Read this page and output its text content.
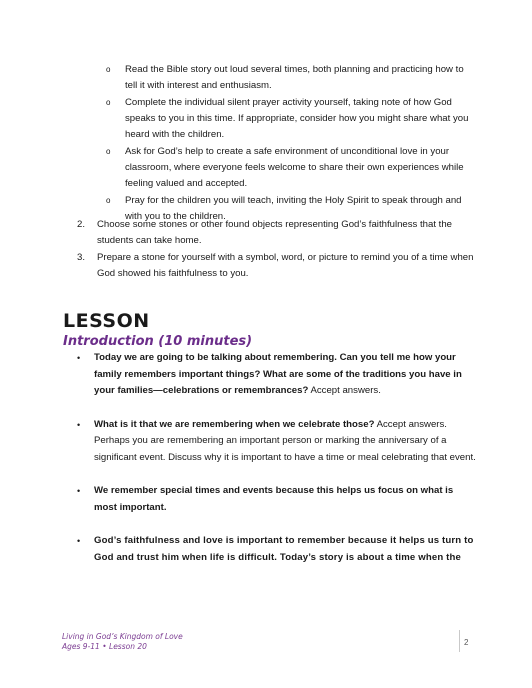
o Read the Bible story out loud several times, both planning and practicing how to tell it with interest and enthusiasm.
o Complete the individual silent prayer activity yourself, taking note of how God speaks to you in this time. If appropriate, consider how you might share what you heard with the children.
o Ask for God’s help to create a safe environment of unconditional love in your classroom, where everyone feels welcome to share their own experiences while feeling valued and accepted.
o Pray for the children you will teach, inviting the Holy Spirit to speak through and with you to the children.
2. Choose some stones or other found objects representing God’s faithfulness that the students can take home.
3. Prepare a stone for yourself with a symbol, word, or picture to remind you of a time when God showed his faithfulness to you.
LESSON
Introduction (10 minutes)
• Today we are going to be talking about remembering. Can you tell me how your family remembers important things? What are some of the traditions you have in your families—celebrations or remembrances? Accept answers.
• What is it that we are remembering when we celebrate those? Accept answers. Perhaps you are remembering an important person or marking the anniversary of a significant event. Discuss why it is important to have a time or meal celebrating that event.
• We remember special times and events because this helps us focus on what is most important.
• God’s faithfulness and love is important to remember because it helps us turn to God and trust him when life is difficult. Today’s story is about a time when the
Living in God’s Kingdom of Love
Ages 9-11 • Lesson 20	2
